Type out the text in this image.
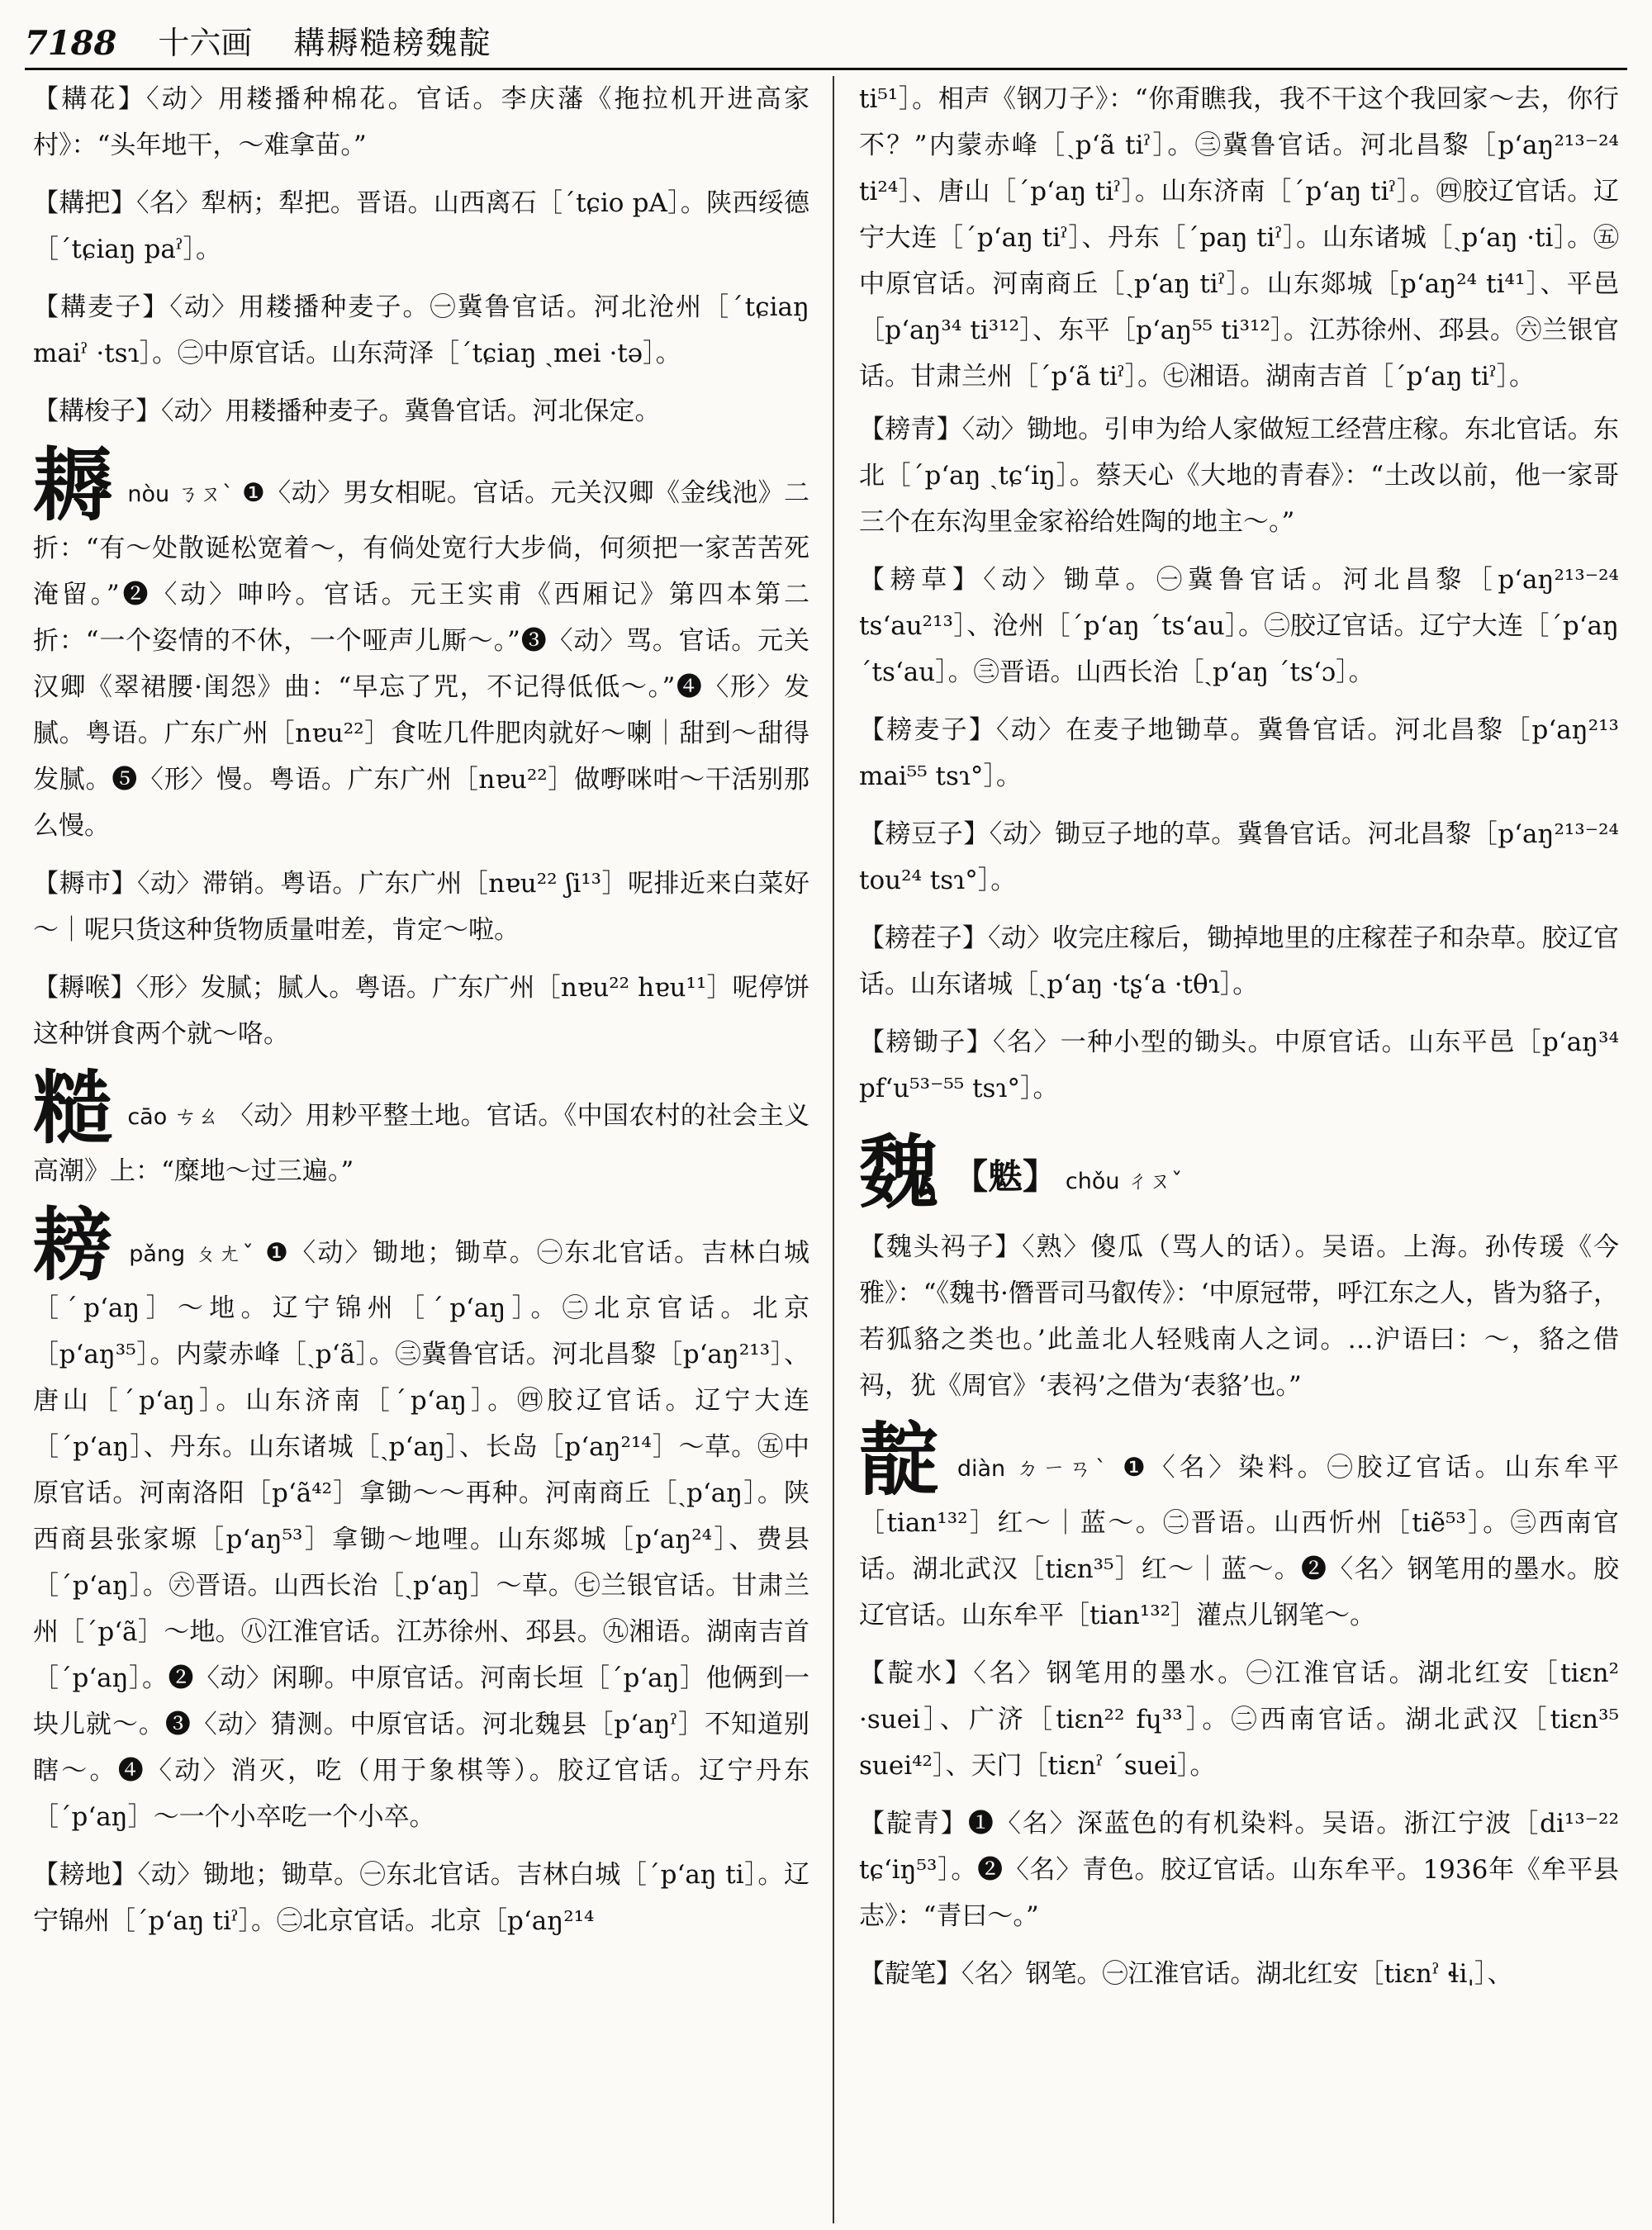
7188 十六画 耩耨糙耪魏靛
【耩花】〈动〉用耧播种棉花。官话。李庆藩《拖拉机开进高家村》：“头年地干，～难拿苗。”
【耩把】〈名〉犁柄；犁把。晋语。山西离石［ˊtɕio pA］。陕西绥德［ˊtɕiaŋ paˀ］。
【耩麦子】〈动〉用耧播种麦子。㊀冀鲁官话。河北沧州［ˊtɕiaŋ maiˀ ·tsɿ］。㊁中原官话。山东菏泽［ˊtɕiaŋ ˏmei ·tə］。
【耩梭子】〈动〉用耧播种麦子。冀鲁官话。河北保定。
耨nòu ㄋㄡˋ ❶〈动〉男女相昵。官话。元关汉卿《金线池》二折：“有～处散诞松宽着～，有倘处宽行大步倘，何须把一家苦苦死淹留。”❷〈动〉呻吟。官话。元王实甫《西厢记》第四本第二折：“一个姿情的不休，一个哑声儿厮～。”❸〈动〉骂。官话。元关汉卿《翠裙腰·闺怨》曲：“早忘了咒，不记得低低～。”❹〈形〉发腻。粤语。广东广州［nɐu²²］食咗几件肥肉就好～喇｜甜到～甜得发腻。❺〈形〉慢。粤语。广东广州［nɐu²²］做嘢咪咁～干活别那么慢。
【耨市】〈动〉滞销。粤语。广东广州［nɐu²² ʃi¹³］呢排近来白菜好～｜呢只货这种货物质量咁差，肯定～啦。
【耨喉】〈形〉发腻；腻人。粤语。广东广州［nɐu²² hɐu¹¹］呢停饼这种饼食两个就～咯。
糙cāo ㄘㄠ 〈动〉用耖平整土地。官话。《中国农村的社会主义高潮》上：“糜地～过三遍。”
耪pǎng ㄆㄤˇ ❶〈动〉锄地；锄草。㊀东北官话。吉林白城［ˊpʻaŋ］～地。辽宁锦州［ˊpʻaŋ］。㊁北京官话。北京［pʻaŋ³⁵］。内蒙赤峰［ˏpʻã］。㊂冀鲁官话。河北昌黎［pʻaŋ²¹³］、唐山［ˊpʻaŋ］。山东济南［ˊpʻaŋ］。㊃胶辽官话。辽宁大连［ˊpʻaŋ］、丹东。山东诸城［ˏpʻaŋ］、长岛［pʻaŋ²¹⁴］～草。㊄中原官话。河南洛阳［pʻã⁴²］拿锄～～再种。河南商丘［ˏpʻaŋ］。陕西商县张家塬［pʻaŋ⁵³］拿锄～地哩。山东郯城［pʻaŋ²⁴］、费县［ˊpʻaŋ］。㊅晋语。山西长治［ˏpʻaŋ］～草。㊆兰银官话。甘肃兰州［ˊpʻã］～地。㊇江淮官话。江苏徐州、邳县。㊈湘语。湖南吉首［ˊpʻaŋ］。❷〈动〉闲聊。中原官话。河南长垣［ˊpʻaŋ］他俩到一块儿就～。❸〈动〉猜测。中原官话。河北魏县［pʻaŋˀ］不知道别瞎～。❹〈动〉消灭，吃（用于象棋等）。胶辽官话。辽宁丹东［ˊpʻaŋ］～一个小卒吃一个小卒。
【耪地】〈动〉锄地；锄草。㊀东北官话。吉林白城［ˊpʻaŋ ti］。辽宁锦州［ˊpʻaŋ tiˀ］。㊁北京官话。北京［pʻaŋ²¹⁴
ti⁵¹］。相声《钢刀子》：“你甭瞧我，我不干这个我回家～去，你行不？”内蒙赤峰［ˏpʻã tiˀ］。㊂冀鲁官话。河北昌黎［pʻaŋ²¹³⁻²⁴ ti²⁴］、唐山［ˊpʻaŋ tiˀ］。山东济南［ˊpʻaŋ tiˀ］。㊃胶辽官话。辽宁大连［ˊpʻaŋ tiˀ］、丹东［ˊpaŋ tiˀ］。山东诸城［ˏpʻaŋ ·ti］。㊄中原官话。河南商丘［ˏpʻaŋ tiˀ］。山东郯城［pʻaŋ²⁴ ti⁴¹］、平邑［pʻaŋ³⁴ ti³¹²］、东平［pʻaŋ⁵⁵ ti³¹²］。江苏徐州、邳县。㊅兰银官话。甘肃兰州［ˊpʻã tiˀ］。㊆湘语。湖南吉首［ˊpʻaŋ tiˀ］。
【耪青】〈动〉锄地。引申为给人家做短工经营庄稼。东北官话。东北［ˊpʻaŋ ˏtɕʻiŋ］。蔡天心《大地的青春》：“土改以前，他一家哥三个在东沟里金家裕给姓陶的地主～。”
【耪草】〈动〉锄草。㊀冀鲁官话。河北昌黎［pʻaŋ²¹³⁻²⁴ tsʻau²¹³］、沧州［ˊpʻaŋ ˊtsʻau］。㊁胶辽官话。辽宁大连［ˊpʻaŋ ˊtsʻau］。㊂晋语。山西长治［ˏpʻaŋ ˊtsʻɔ］。
【耪麦子】〈动〉在麦子地锄草。冀鲁官话。河北昌黎［pʻaŋ²¹³ mai⁵⁵ tsɿ°］。
【耪豆子】〈动〉锄豆子地的草。冀鲁官话。河北昌黎［pʻaŋ²¹³⁻²⁴ tou²⁴ tsɿ°］。
【耪茬子】〈动〉收完庄稼后，锄掉地里的庄稼茬子和杂草。胶辽官话。山东诸城［ˏpʻaŋ ·tʂʻa ·tθɿ］。
【耪锄子】〈名〉一种小型的锄头。中原官话。山东平邑［pʻaŋ³⁴ pfʻu⁵³⁻⁵⁵ tsɿ°］。
魏 【䰡】 chǒu ㄔㄡˇ
【魏头祃子】〈熟〉傻瓜（骂人的话）。吴语。上海。孙传瑗《今雅》：“《魏书·僭晋司马叡传》：‘中原冠带，呼江东之人，皆为貉子，若狐貉之类也。’此盖北人轻贱南人之词。…沪语曰：～，貉之借祃，犹《周官》‘表祃’之借为‘表貉’也。”
靛diàn ㄉㄧㄢˋ ❶〈名〉染料。㊀胶辽官话。山东牟平［tian¹³²］红～｜蓝～。㊁晋语。山西忻州［tiẽ⁵³］。㊂西南官话。湖北武汉［tiɛn³⁵］红～｜蓝～。❷〈名〉钢笔用的墨水。胶辽官话。山东牟平［tian¹³²］灌点儿钢笔～。
【靛水】〈名〉钢笔用的墨水。㊀江淮官话。湖北红安［tiɛn² ·suei］、广济［tiɛn²² fɥ³³］。㊁西南官话。湖北武汉［tiɛn³⁵ suei⁴²］、天门［tiɛnˀ ˊsuei］。
【靛青】❶〈名〉深蓝色的有机染料。吴语。浙江宁波［di¹³⁻²² tɕʻiŋ⁵³］。❷〈名〉青色。胶辽官话。山东牟平。1936年《牟平县志》：“青曰～。”
【靛笔】〈名〉钢笔。㊀江淮官话。湖北红安［tiɛnˀ ɬiˌ］、
